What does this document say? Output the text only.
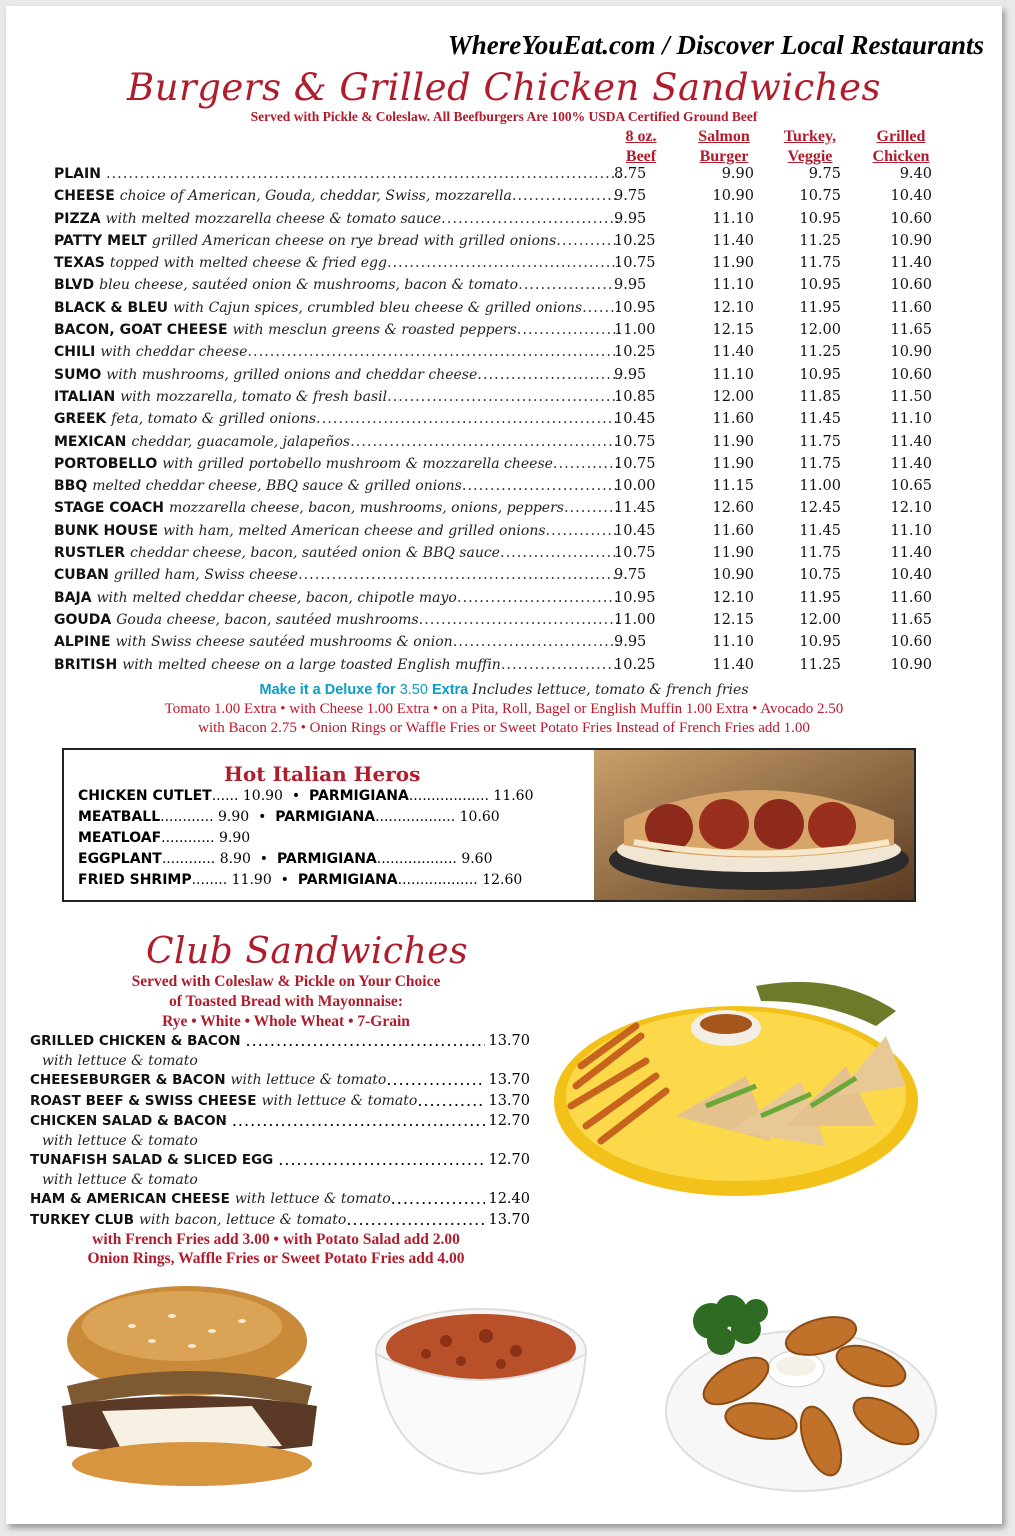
WhereYouEat.com / Discover Local Restaurants
Burgers & Grilled Chicken Sandwiches
Served with Pickle & Coleslaw. All Beefburgers Are 100% USDA Certified Ground Beef
8 oz.
Beef
Salmon
Burger
Turkey,
Veggie
Grilled
Chicken
PLAIN .....	8.75	9.90	9.75	9.40
CHEESE choice of American, Gouda, cheddar, Swiss, mozzarella .....	9.75	10.90	10.75	10.40
PIZZA with melted mozzarella cheese & tomato sauce .....	9.95	11.10	10.95	10.60
PATTY MELT grilled American cheese on rye bread with grilled onions .....	10.25	11.40	11.25	10.90
TEXAS topped with melted cheese & fried egg .....	10.75	11.90	11.75	11.40
BLVD bleu cheese, sautéed onion & mushrooms, bacon & tomato .....	9.95	11.10	10.95	10.60
BLACK & BLEU with Cajun spices, crumbled bleu cheese & grilled onions ..... 10.95	12.10	11.95	11.60
BACON, GOAT CHEESE with mesclun greens & roasted peppers .....	11.00	12.15	12.00	11.65
CHILI with cheddar cheese .....	10.25	11.40	11.25	10.90
SUMO with mushrooms, grilled onions and cheddar cheese .....	9.95	11.10	10.95	10.60
ITALIAN with mozzarella, tomato & fresh basil .....	10.85	12.00	11.85	11.50
GREEK feta, tomato & grilled onions .....	10.45	11.60	11.45	11.10
MEXICAN cheddar, guacamole, jalapeños .....	10.75	11.90	11.75	11.40
PORTOBELLO with grilled portobello mushroom & mozzarella cheese .....	10.75	11.90	11.75	11.40
BBQ melted cheddar cheese, BBQ sauce & grilled onions .....	10.00	11.15	11.00	10.65
STAGE COACH mozzarella cheese, bacon, mushrooms, onions, peppers .....	11.45	12.60	12.45	12.10
BUNK HOUSE with ham, melted American cheese and grilled onions .....	10.45	11.60	11.45	11.10
RUSTLER cheddar cheese, bacon, sautéed onion & BBQ sauce .....	10.75	11.90	11.75	11.40
CUBAN grilled ham, Swiss cheese .....	9.75	10.90	10.75	10.40
BAJA with melted cheddar cheese, bacon, chipotle mayo .....	10.95	12.10	11.95	11.60
GOUDA Gouda cheese, bacon, sautéed mushrooms .....	11.00	12.15	12.00	11.65
ALPINE with Swiss cheese sautéed mushrooms & onion .....	9.95	11.10	10.95	10.60
BRITISH with melted cheese on a large toasted English muffin .....	10.25	11.40	11.25	10.90
Make it a Deluxe for 3.50 Extra Includes lettuce, tomato & french fries
Tomato 1.00 Extra • with Cheese 1.00 Extra • on a Pita, Roll, Bagel or English Muffin 1.00 Extra • Avocado 2.50
with Bacon 2.75 • Onion Rings or Waffle Fries or Sweet Potato Fries Instead of French Fries add 1.00
Hot Italian Heros
CHICKEN CUTLET...... 10.90  •  PARMIGIANA.................. 11.60
MEATBALL............ 9.90  •  PARMIGIANA.................. 10.60
MEATLOAF............ 9.90
EGGPLANT............ 8.90  •  PARMIGIANA.................. 9.60
FRIED SHRIMP........ 11.90  •  PARMIGIANA.................. 12.60
Club Sandwiches
Served with Coleslaw & Pickle on Your Choice
of Toasted Bread with Mayonnaise:
Rye • White • Whole Wheat • 7-Grain
GRILLED CHICKEN & BACON .....	13.70
with lettuce & tomato
CHEESEBURGER & BACON with lettuce & tomato .....	13.70
ROAST BEEF & SWISS CHEESE with lettuce & tomato .....	13.70
CHICKEN SALAD & BACON .....	12.70
with lettuce & tomato
TUNAFISH SALAD & SLICED EGG .....	12.70
with lettuce & tomato
HAM & AMERICAN CHEESE with lettuce & tomato .....	12.40
TURKEY CLUB with bacon, lettuce & tomato .....	13.70
with French Fries add 3.00 • with Potato Salad add 2.00
Onion Rings, Waffle Fries or Sweet Potato Fries add 4.00
